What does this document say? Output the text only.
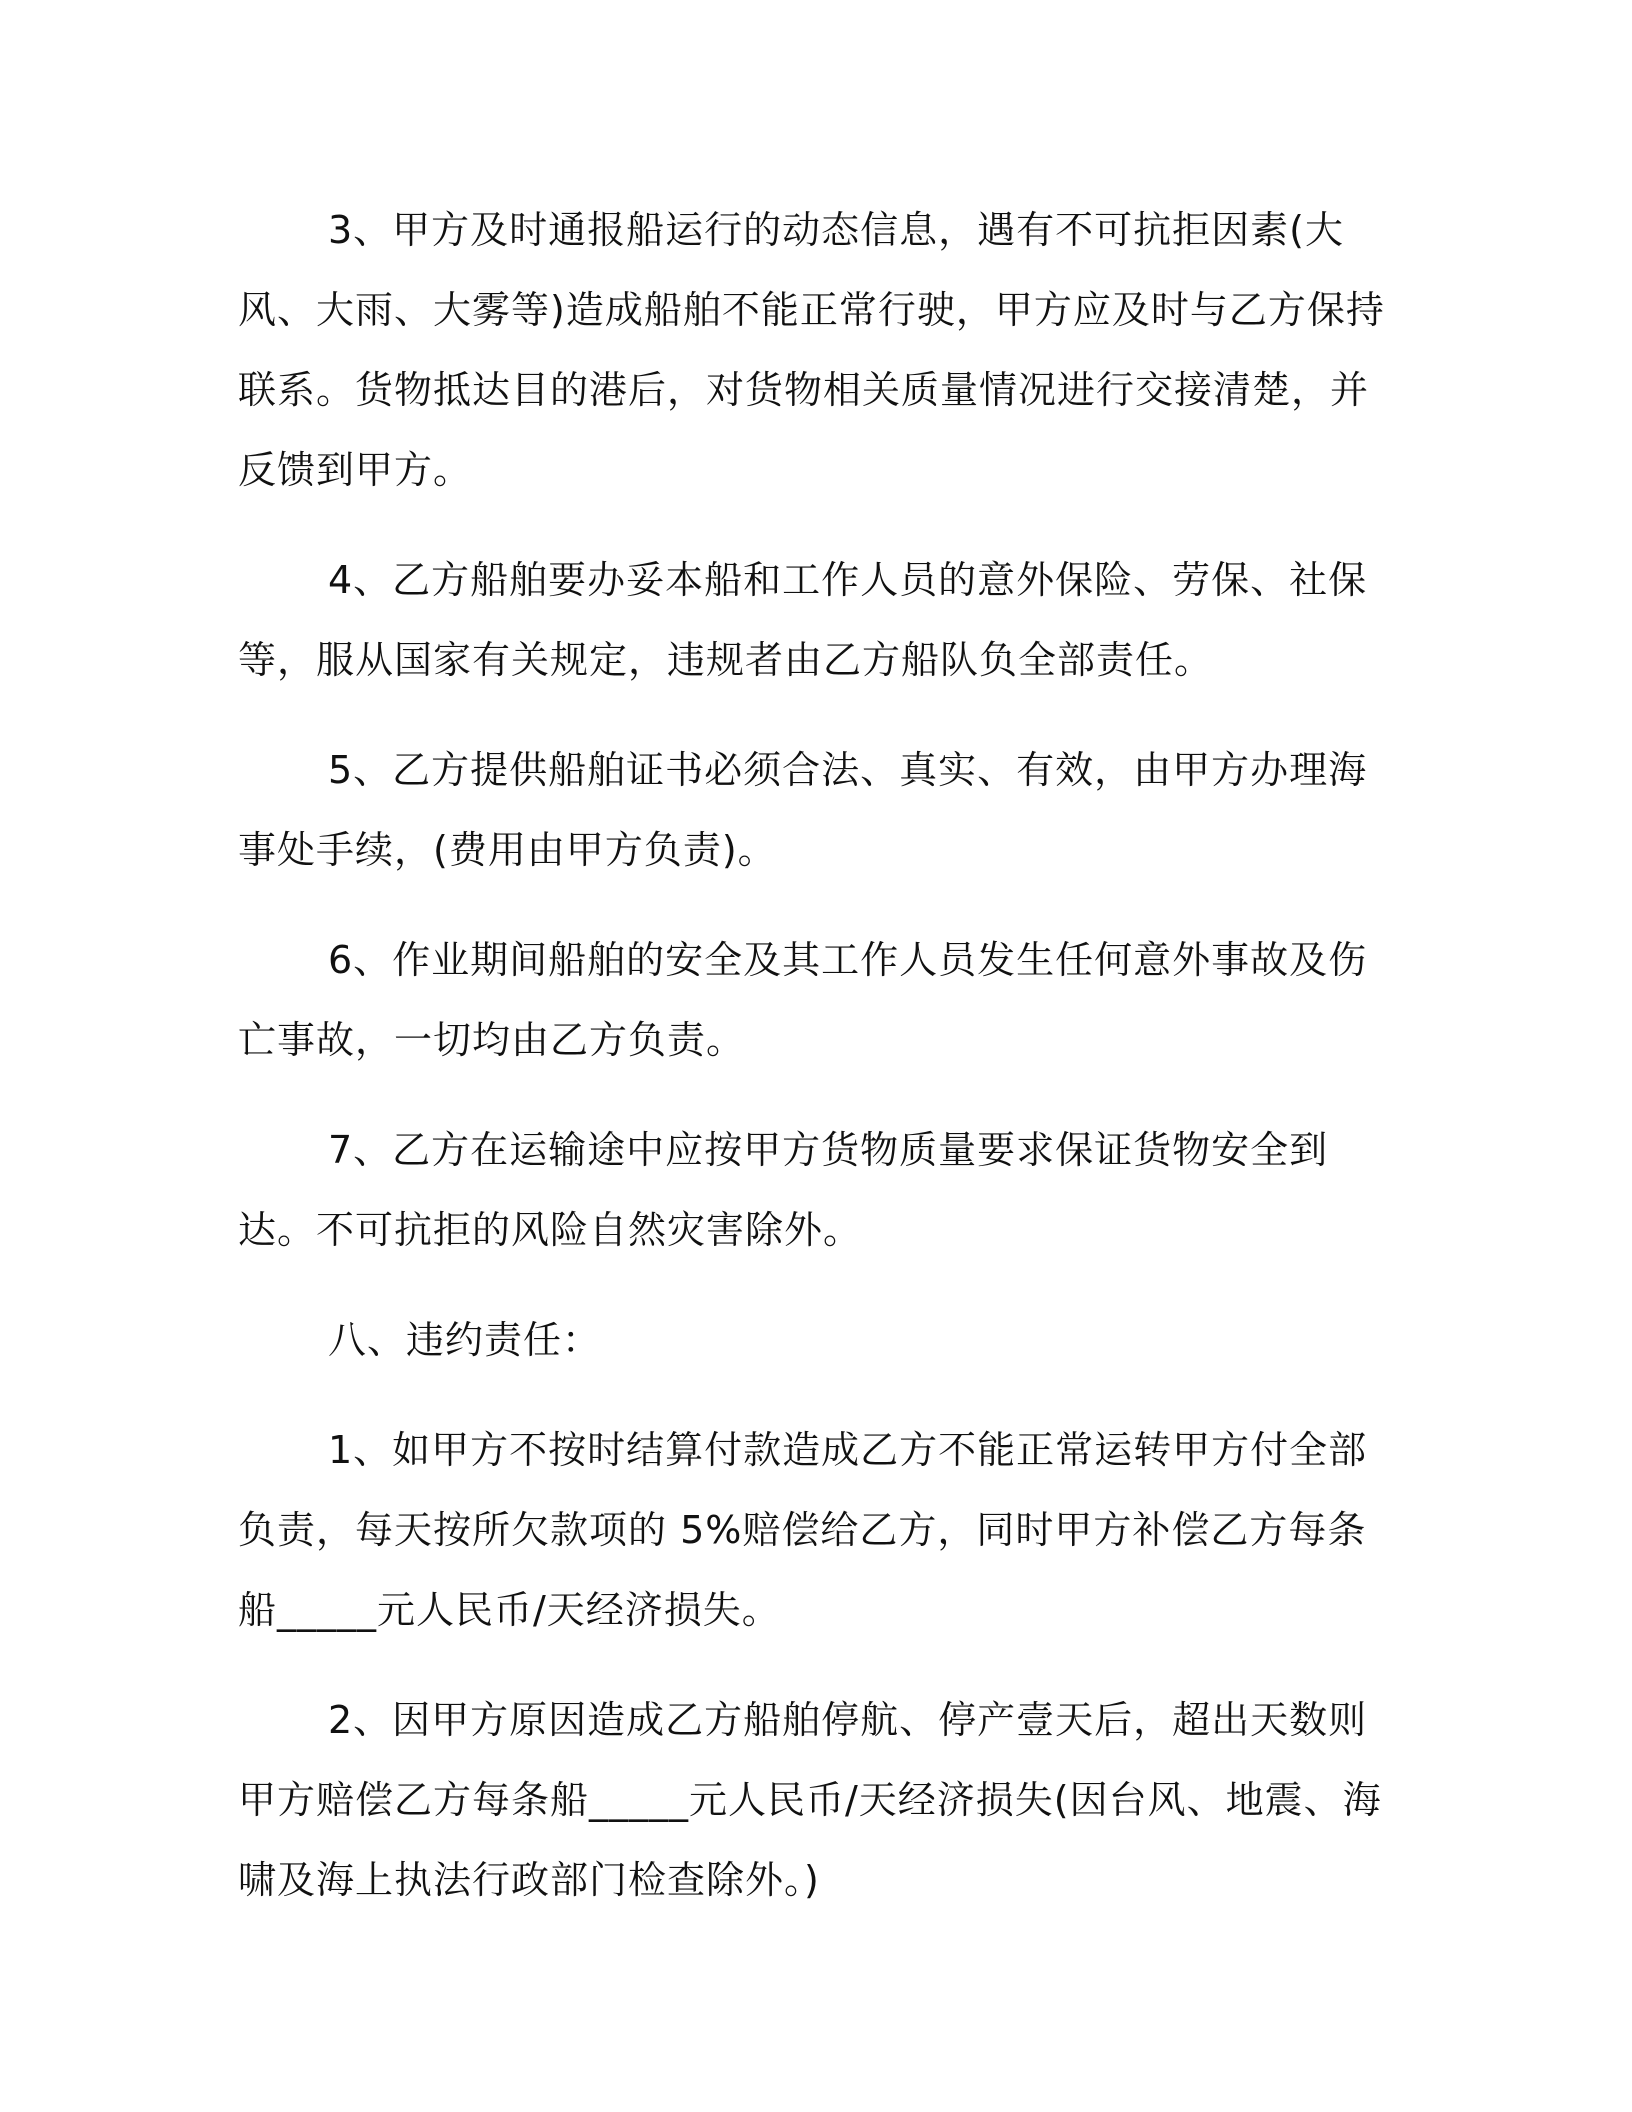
3、甲方及时通报船运行的动态信息，遇有不可抗拒因素(大风、大雨、大雾等)造成船舶不能正常行驶，甲方应及时与乙方保持联系。货物抵达目的港后，对货物相关质量情况进行交接清楚，并反馈到甲方。

4、乙方船舶要办妥本船和工作人员的意外保险、劳保、社保等，服从国家有关规定，违规者由乙方船队负全部责任。

5、乙方提供船舶证书必须合法、真实、有效，由甲方办理海事处手续，(费用由甲方负责)。

6、作业期间船舶的安全及其工作人员发生任何意外事故及伤亡事故，一切均由乙方负责。

7、乙方在运输途中应按甲方货物质量要求保证货物安全到达。不可抗拒的风险自然灾害除外。

八、违约责任：

1、如甲方不按时结算付款造成乙方不能正常运转甲方付全部负责，每天按所欠款项的 5%赔偿给乙方，同时甲方补偿乙方每条船_____元人民币/天经济损失。

2、因甲方原因造成乙方船舶停航、停产壹天后，超出天数则甲方赔偿乙方每条船_____元人民币/天经济损失(因台风、地震、海啸及海上执法行政部门检查除外。)
